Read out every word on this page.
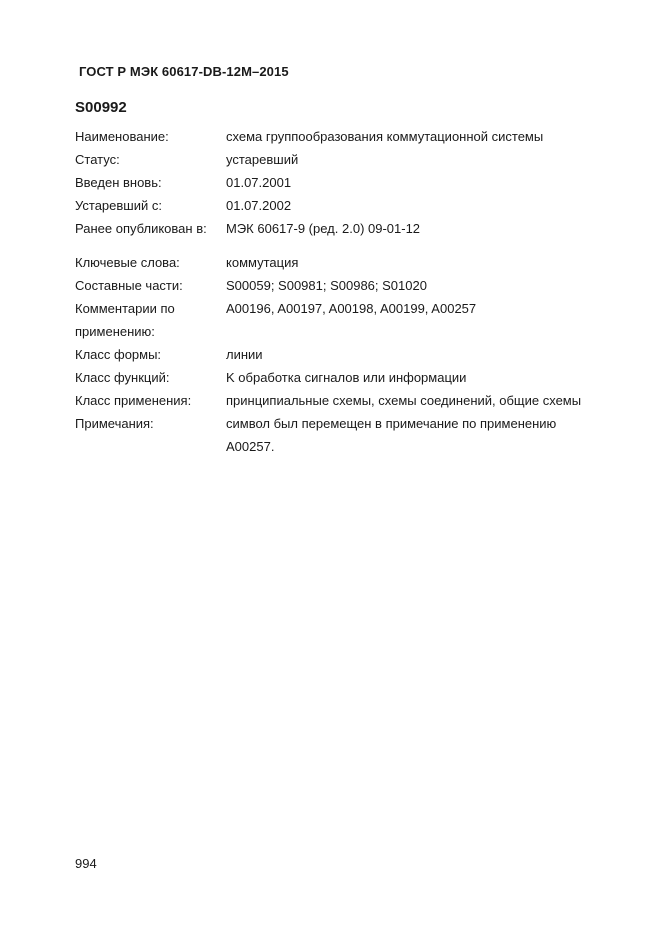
ГОСТ Р МЭК 60617-DB-12M–2015
S00992
Наименование:	схема группообразования коммутационной системы
Статус:	устаревший
Введен вновь:	01.07.2001
Устаревший с:	01.07.2002
Ранее опубликован в:	МЭК 60617-9 (ред. 2.0) 09-01-12
Ключевые слова:	коммутация
Составные части:	S00059; S00981; S00986; S01020
Комментарии по применению:
A00196, A00197, A00198, A00199, A00257
Класс формы:	линии
Класс функций:	K обработка сигналов или информации
Класс применения:	принципиальные схемы, схемы соединений, общие схемы
Примечания:	символ был перемещен в примечание по применению A00257.
994
